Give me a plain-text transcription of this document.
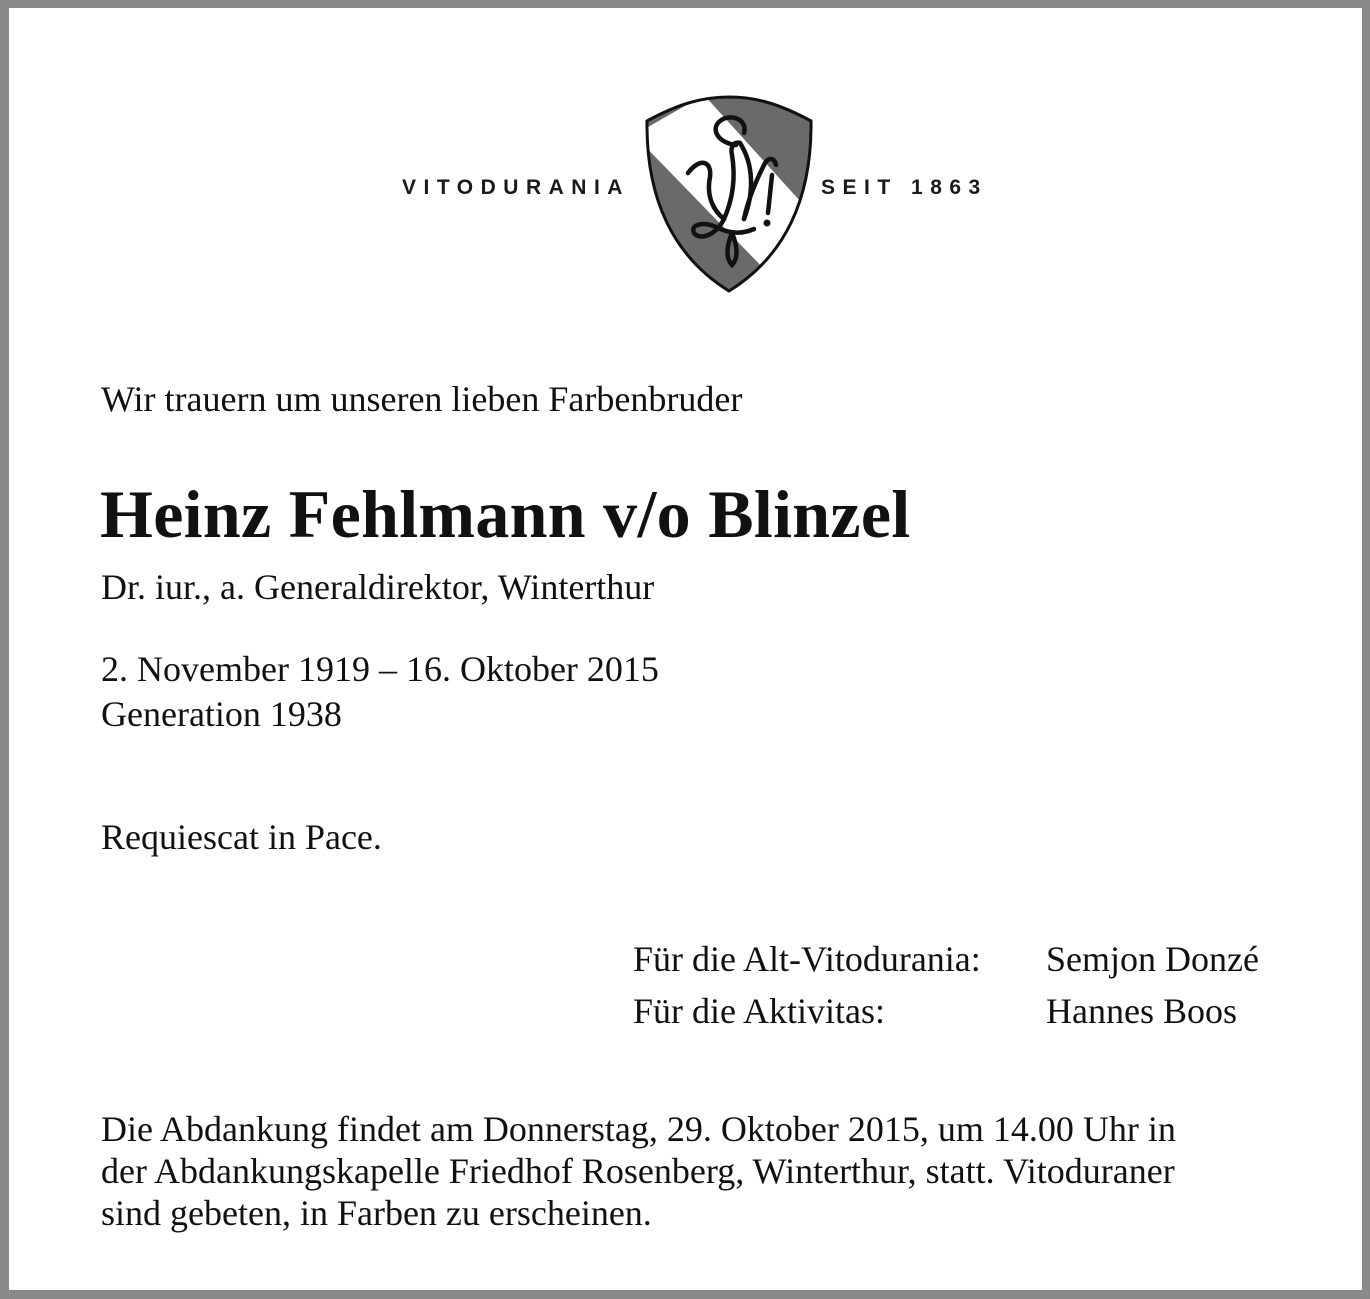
VITODURANIA	SEIT 1863
Wir trauern um unseren lieben Farbenbruder
Heinz Fehlmann v/o Blinzel
Dr. iur., a. Generaldirektor, Winterthur
2. November 1919 – 16. Oktober 2015
Generation 1938
Requiescat in Pace.
Für die Alt-Vitodurania: Semjon Donzé
Für die Aktivitas:	Hannes Boos
Die Abdankung findet am Donnerstag, 29. Oktober 2015, um 14.00 Uhr in
der Abdankungskapelle Friedhof Rosenberg, Winterthur, statt. Vitoduraner
sind gebeten, in Farben zu erscheinen.
